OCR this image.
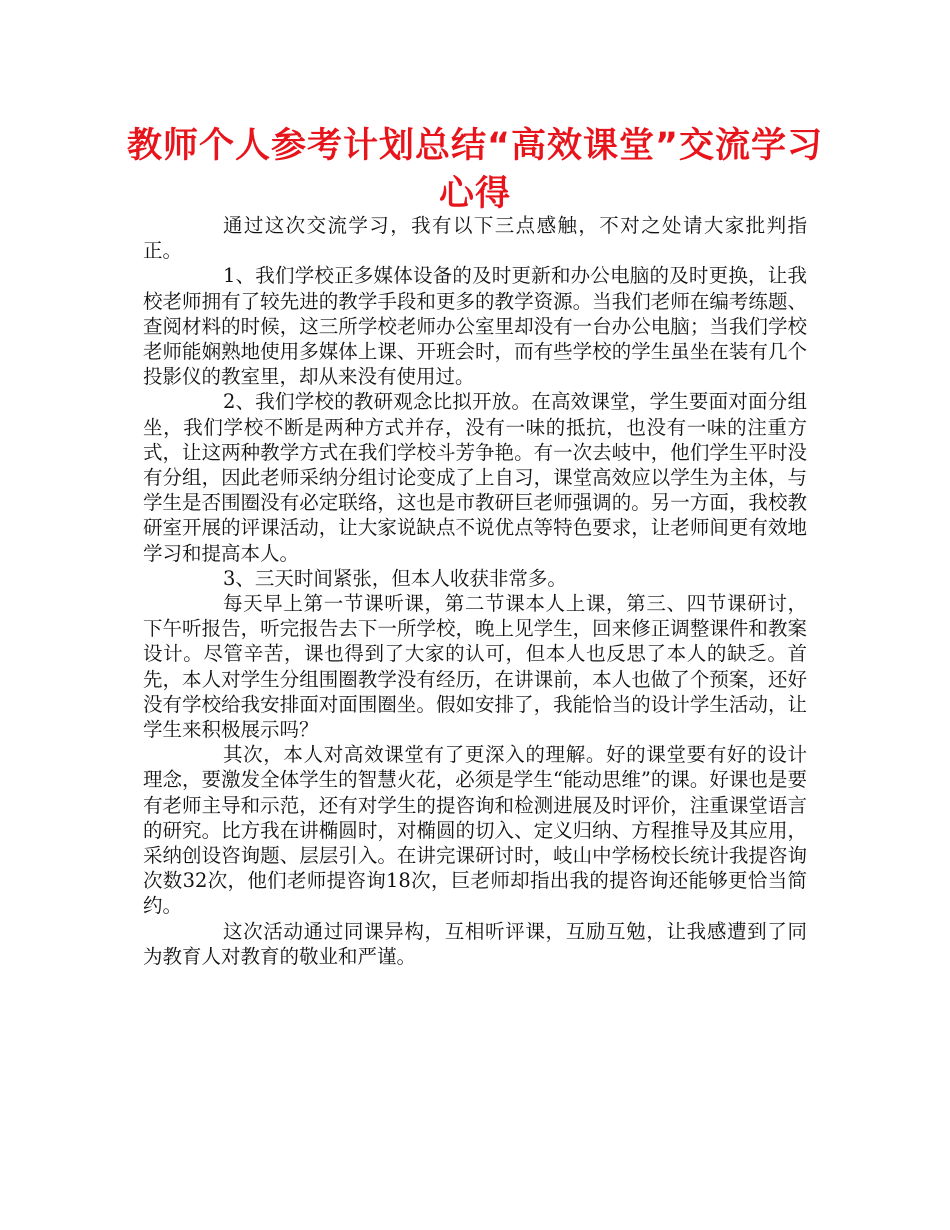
教师个人参考计划总结“高效课堂”交流学习心得

通过这次交流学习，我有以下三点感触，不对之处请大家批判指正。

1、我们学校正多媒体设备的及时更新和办公电脑的及时更换，让我校老师拥有了较先进的教学手段和更多的教学资源。当我们老师在编考练题、查阅材料的时候，这三所学校老师办公室里却没有一台办公电脑；当我们学校老师能娴熟地使用多媒体上课、开班会时，而有些学校的学生虽坐在装有几个投影仪的教室里，却从来没有使用过。

2、我们学校的教研观念比拟开放。在高效课堂，学生要面对面分组坐，我们学校不断是两种方式并存，没有一味的抵抗，也没有一味的注重方式，让这两种教学方式在我们学校斗芳争艳。有一次去岐中，他们学生平时没有分组，因此老师采纳分组讨论变成了上自习，课堂高效应以学生为主体，与学生是否围圈没有必定联络，这也是市教研巨老师强调的。另一方面，我校教研室开展的评课活动，让大家说缺点不说优点等特色要求，让老师间更有效地学习和提高本人。

3、三天时间紧张，但本人收获非常多。

每天早上第一节课听课，第二节课本人上课，第三、四节课研讨，下午听报告，听完报告去下一所学校，晚上见学生，回来修正调整课件和教案设计。尽管辛苦，课也得到了大家的认可，但本人也反思了本人的缺乏。首先，本人对学生分组围圈教学没有经历，在讲课前，本人也做了个预案，还好没有学校给我安排面对面围圈坐。假如安排了，我能恰当的设计学生活动，让学生来积极展示吗？

其次，本人对高效课堂有了更深入的理解。好的课堂要有好的设计理念，要激发全体学生的智慧火花，必须是学生“能动思维”的课。好课也是要有老师主导和示范，还有对学生的提咨询和检测进展及时评价，注重课堂语言的研究。比方我在讲椭圆时，对椭圆的切入、定义归纳、方程推导及其应用，采纳创设咨询题、层层引入。在讲完课研讨时，岐山中学杨校长统计我提咨询次数32次，他们老师提咨询18次，巨老师却指出我的提咨询还能够更恰当简约。

这次活动通过同课异构，互相听评课，互励互勉，让我感遭到了同为教育人对教育的敬业和严谨。
